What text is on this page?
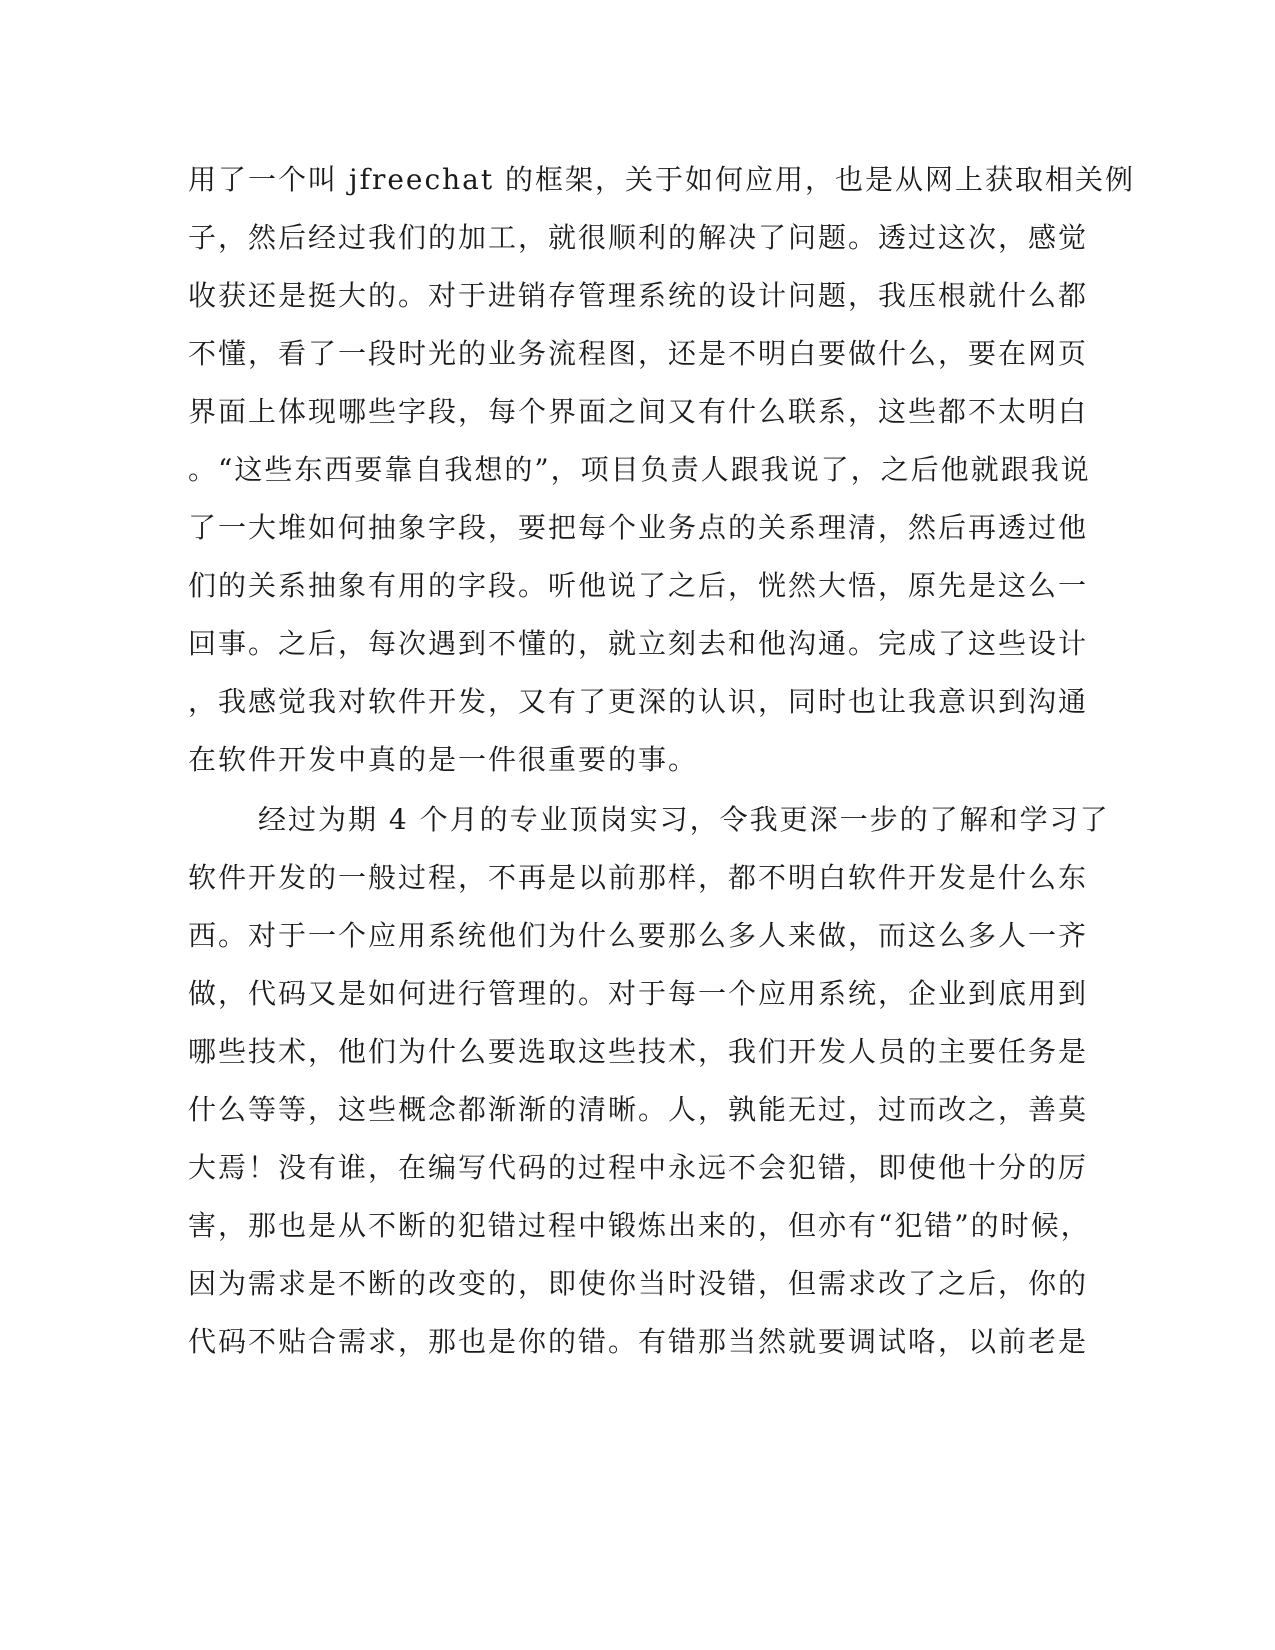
用了一个叫 jfreechat 的框架，关于如何应用，也是从网上获取相关例
子，然后经过我们的加工，就很顺利的解决了问题。透过这次，感觉
收获还是挺大的。对于进销存管理系统的设计问题，我压根就什么都
不懂，看了一段时光的业务流程图，还是不明白要做什么，要在网页
界面上体现哪些字段，每个界面之间又有什么联系，这些都不太明白
。“这些东西要靠自我想的”，项目负责人跟我说了，之后他就跟我说
了一大堆如何抽象字段，要把每个业务点的关系理清，然后再透过他
们的关系抽象有用的字段。听他说了之后，恍然大悟，原先是这么一
回事。之后，每次遇到不懂的，就立刻去和他沟通。完成了这些设计
，我感觉我对软件开发，又有了更深的认识，同时也让我意识到沟通
在软件开发中真的是一件很重要的事。
经过为期 4 个月的专业顶岗实习，令我更深一步的了解和学习了
软件开发的一般过程，不再是以前那样，都不明白软件开发是什么东
西。对于一个应用系统他们为什么要那么多人来做，而这么多人一齐
做，代码又是如何进行管理的。对于每一个应用系统，企业到底用到
哪些技术，他们为什么要选取这些技术，我们开发人员的主要任务是
什么等等，这些概念都渐渐的清晰。人，孰能无过，过而改之，善莫
大焉！没有谁，在编写代码的过程中永远不会犯错，即使他十分的厉
害，那也是从不断的犯错过程中锻炼出来的，但亦有“犯错”的时候，
因为需求是不断的改变的，即使你当时没错，但需求改了之后，你的
代码不贴合需求，那也是你的错。有错那当然就要调试咯，以前老是
